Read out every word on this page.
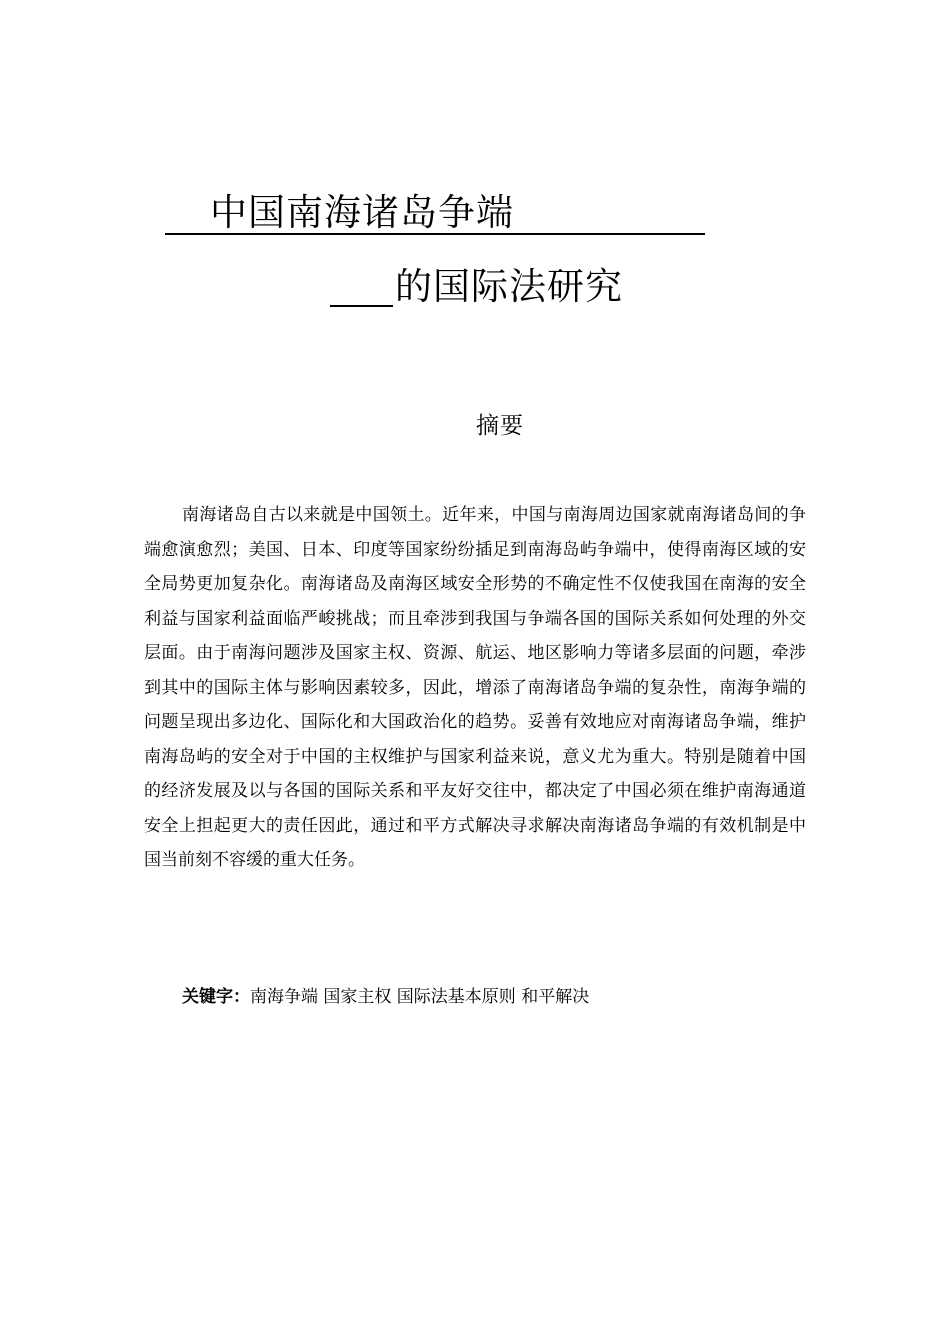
中国南海诸岛争端
的国际法研究
摘要

南海诸岛自古以来就是中国领土。近年来，中国与南海周边国家就南海诸岛间的争端愈演愈烈；美国、日本、印度等国家纷纷插足到南海岛屿争端中，使得南海区域的安全局势更加复杂化。南海诸岛及南海区域安全形势的不确定性不仅使我国在南海的安全利益与国家利益面临严峻挑战；而且牵涉到我国与争端各国的国际关系如何处理的外交层面。由于南海问题涉及国家主权、资源、航运、地区影响力等诸多层面的问题，牵涉到其中的国际主体与影响因素较多，因此，增添了南海诸岛争端的复杂性，南海争端的问题呈现出多边化、国际化和大国政治化的趋势。妥善有效地应对南海诸岛争端，维护南海岛屿的安全对于中国的主权维护与国家利益来说，意义尤为重大。特别是随着中国的经济发展及以与各国的国际关系和平友好交往中，都决定了中国必须在维护南海通道安全上担起更大的责任因此，通过和平方式解决寻求解决南海诸岛争端的有效机制是中国当前刻不容缓的重大任务。

关键字：南海争端 国家主权 国际法基本原则 和平解决
